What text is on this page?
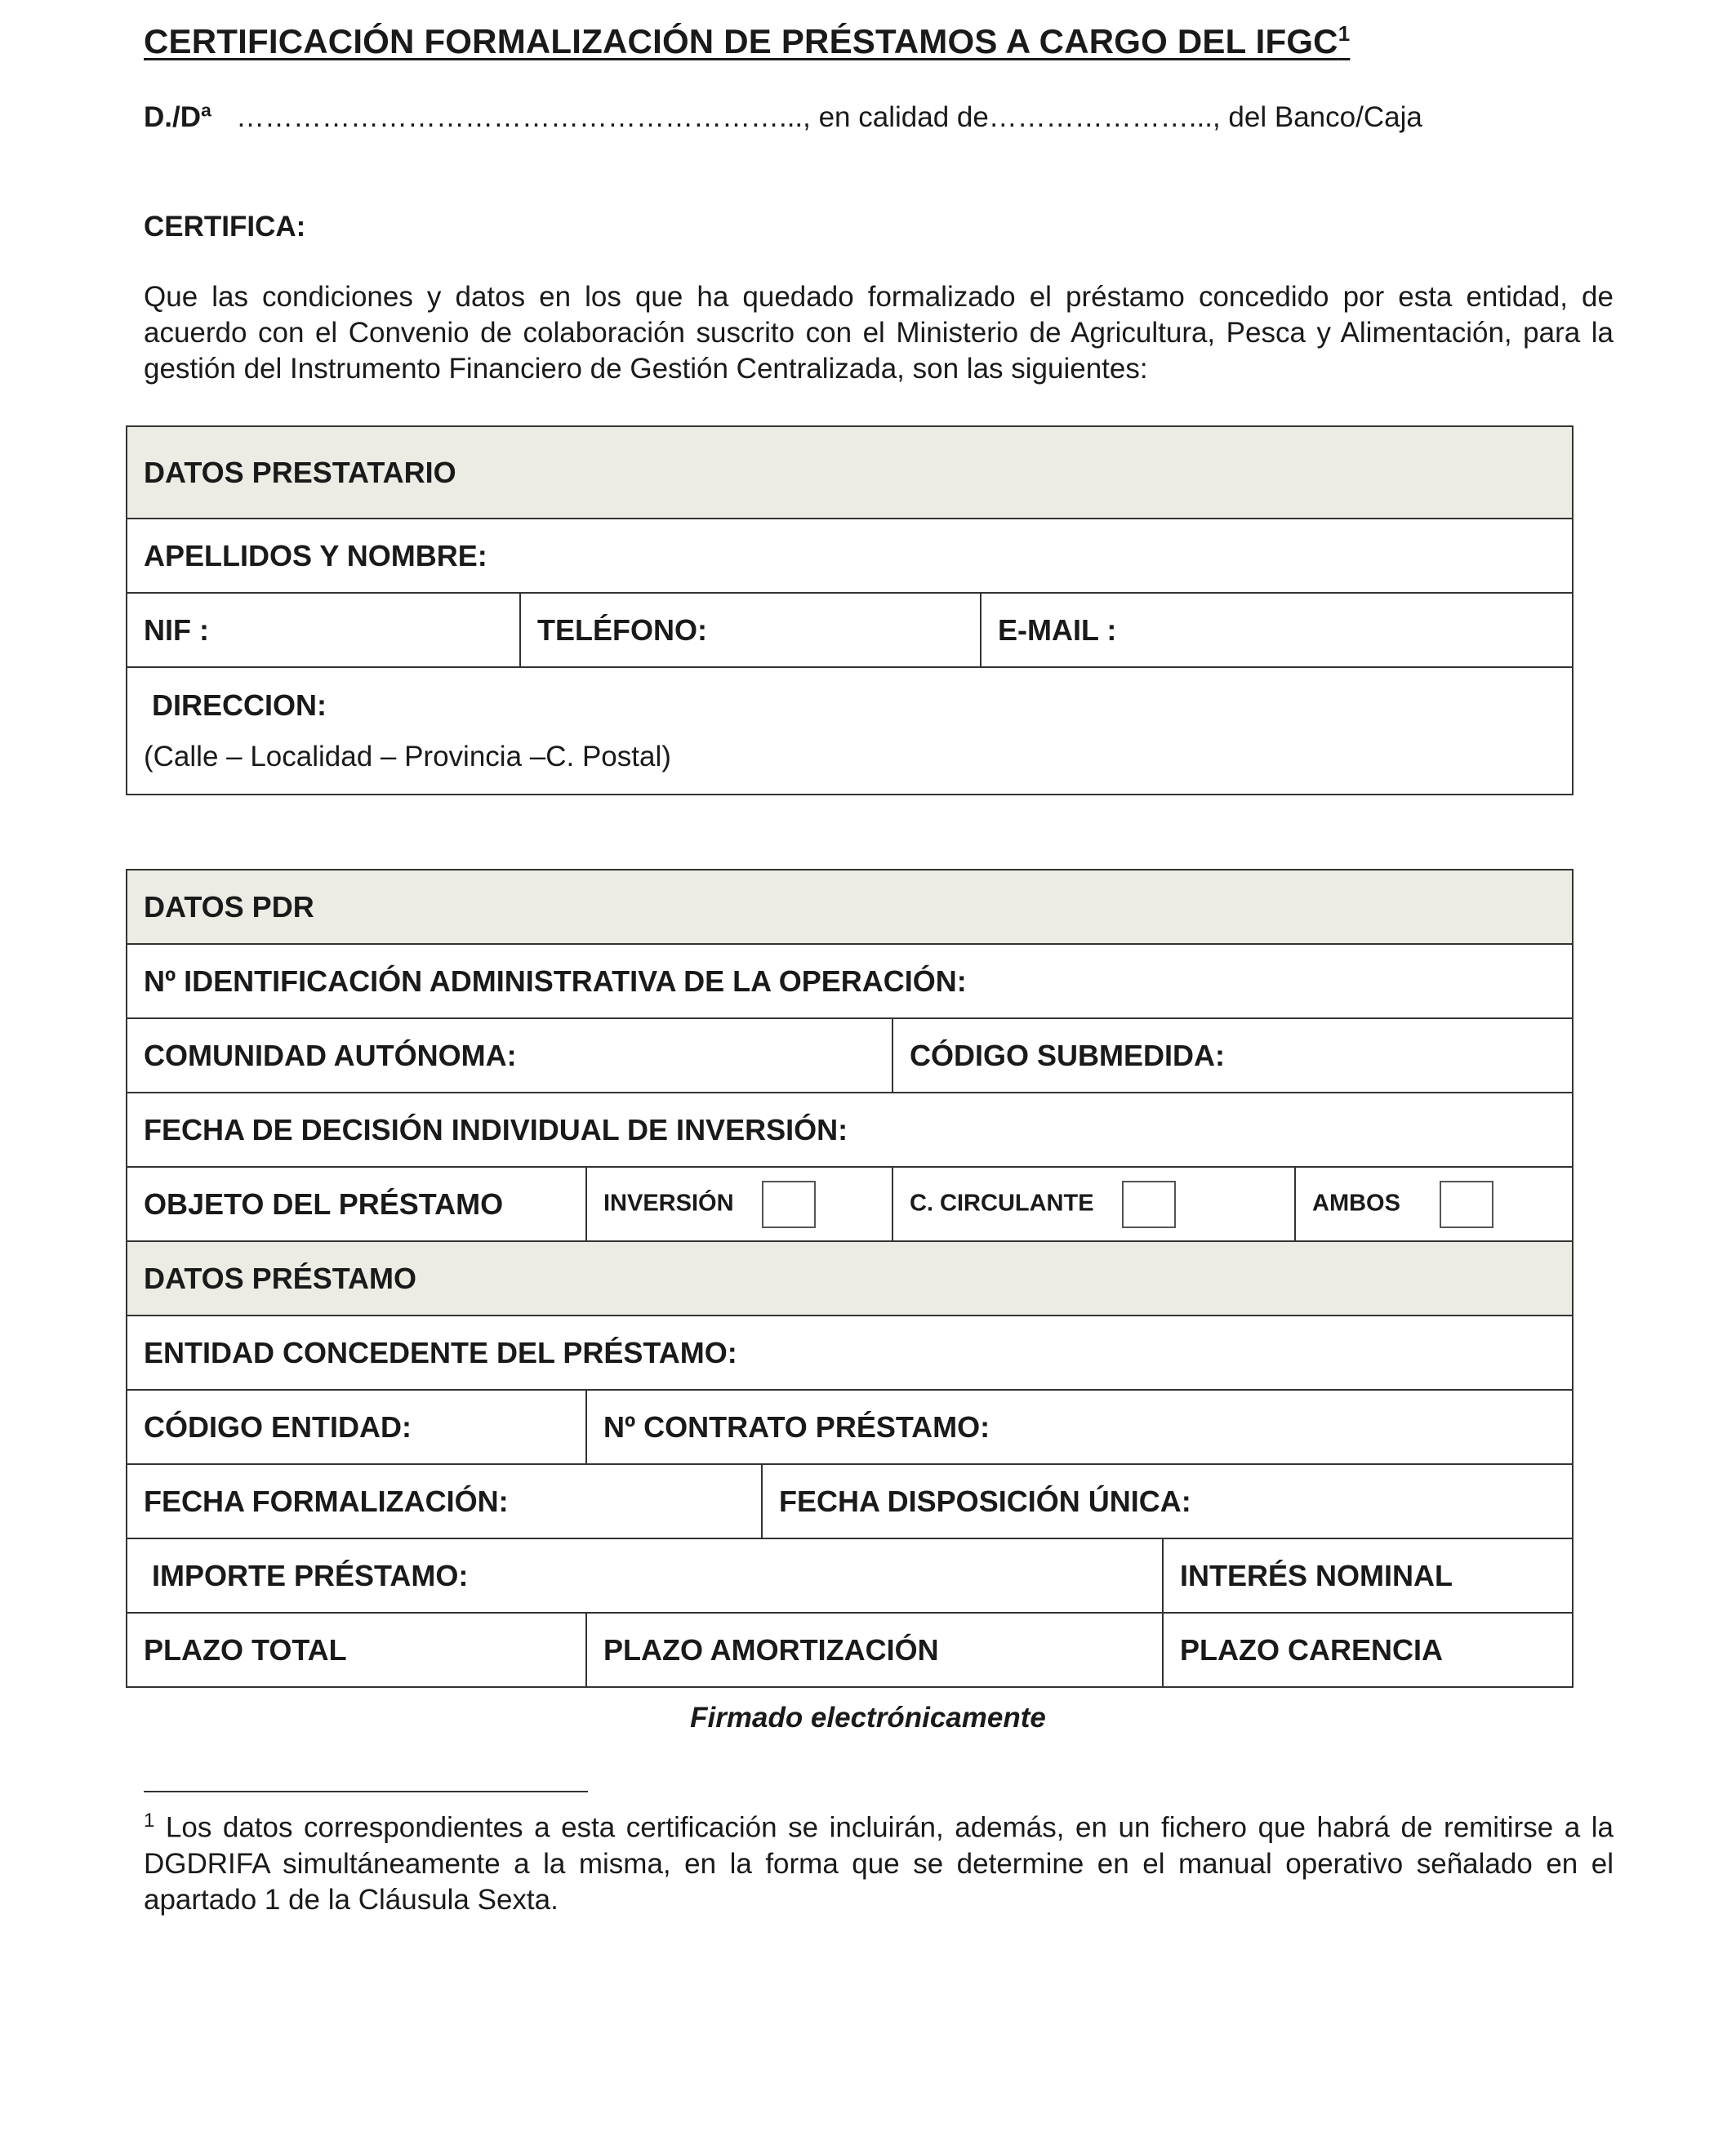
CERTIFICACIÓN FORMALIZACIÓN DE PRÉSTAMOS A CARGO DEL IFGC$^1$
D./Dª …………………………………………………..., en calidad de…………………..., del Banco/Caja
CERTIFICA:
Que las condiciones y datos en los que ha quedado formalizado el préstamo concedido por esta entidad, de acuerdo con el Convenio de colaboración suscrito con el Ministerio de Agricultura, Pesca y Alimentación, para la gestión del Instrumento Financiero de Gestión Centralizada, son las siguientes:
DATOS PRESTATARIO
APELLIDOS Y NOMBRE:
NIF :	TELÉFONO:	E-MAIL :
DIRECCION:
(Calle – Localidad – Provincia –C. Postal)
DATOS PDR					
Nº IDENTIFICACIÓN ADMINISTRATIVA DE LA OPERACIÓN:					
COMUNIDAD AUTÓNOMA:			CÓDIGO SUBMEDIDA:		
FECHA DE DECISIÓN INDIVIDUAL DE INVERSIÓN:					
OBJETO DEL PRÉSTAMO	INVERSIÓN		C. CIRCULANTE		AMBOS
DATOS PRÉSTAMO					
ENTIDAD CONCEDENTE DEL PRÉSTAMO:					
CÓDIGO ENTIDAD:	Nº CONTRATO PRÉSTAMO:				
FECHA FORMALIZACIÓN:		FECHA DISPOSICIÓN ÚNICA:			
IMPORTE PRÉSTAMO:				INTERÉS NOMINAL	
PLAZO TOTAL	PLAZO AMORTIZACIÓN			PLAZO CARENCIA	
Firmado electrónicamente
$^1$ Los datos correspondientes a esta certificación se incluirán, además, en un fichero que habrá de remitirse a la DGDRIFA simultáneamente a la misma, en la forma que se determine en el manual operativo señalado en el apartado 1 de la Cláusula Sexta.
